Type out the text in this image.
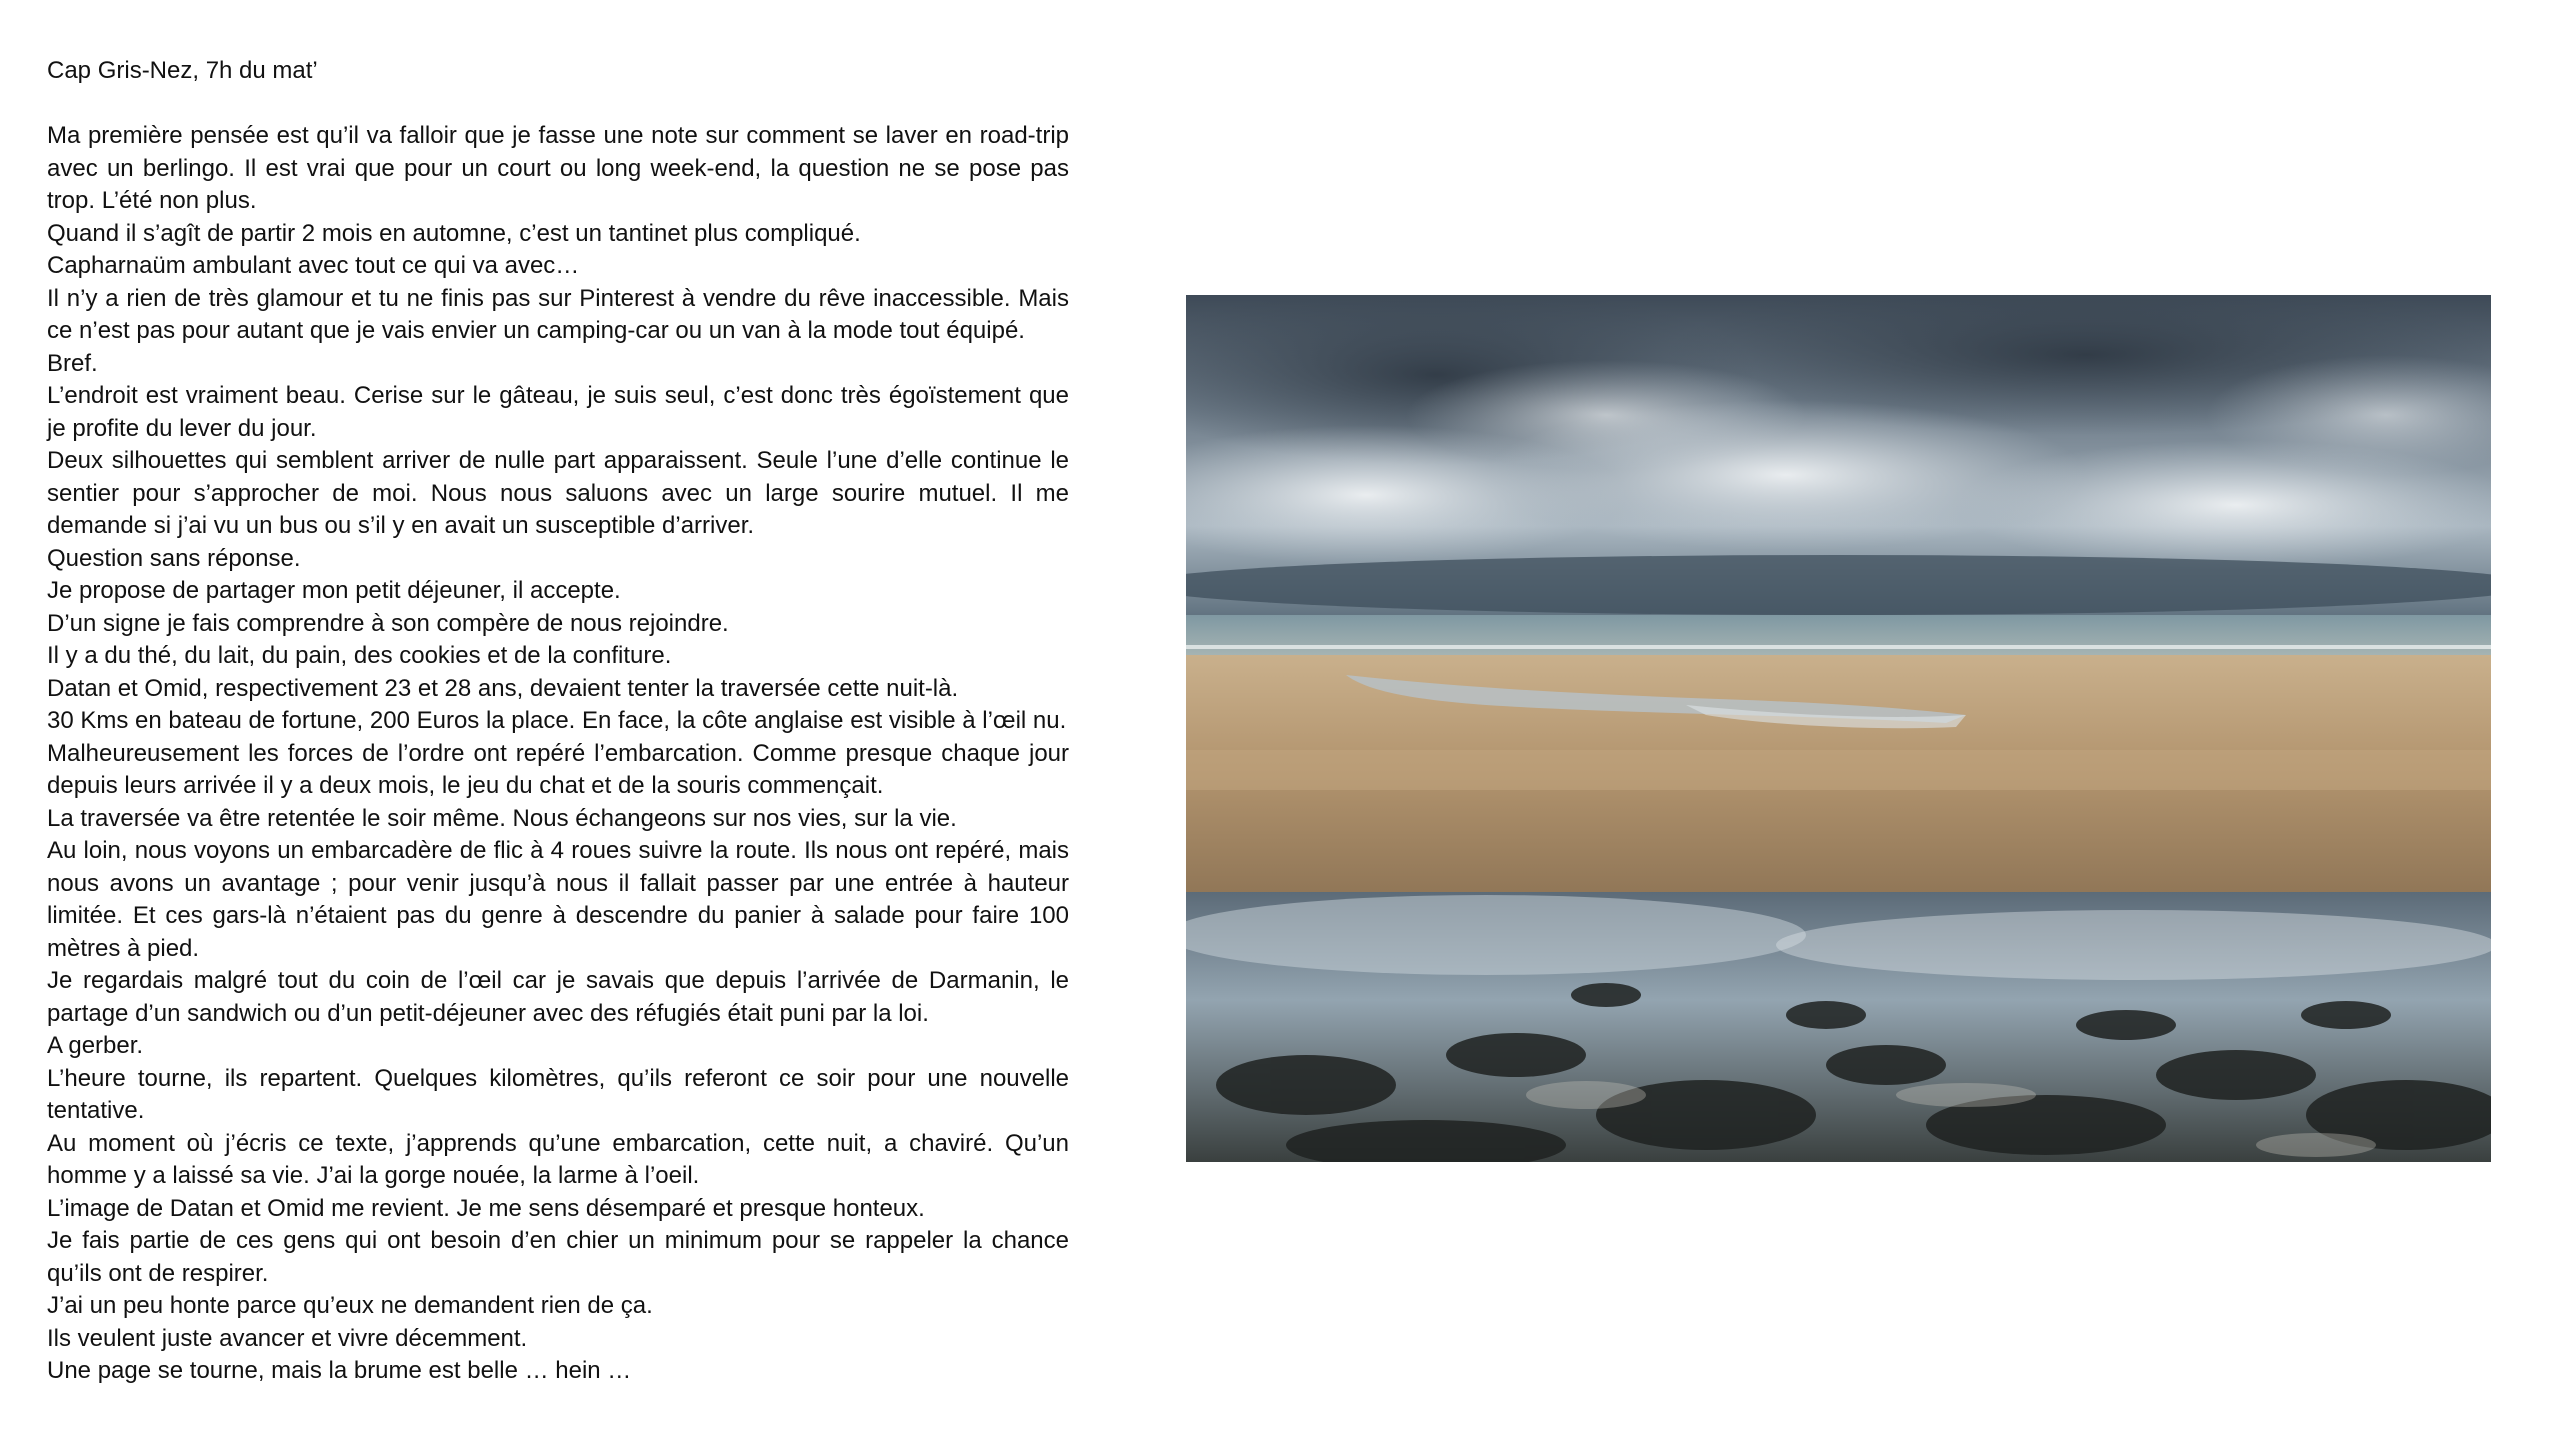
Cap Gris-Nez, 7h du mat’

Ma première pensée est qu’il va falloir que je fasse une note sur comment se laver en road-trip avec un berlingo. Il est vrai que pour un court ou long week-end, la question ne se pose pas trop. L’été non plus.

Quand il s’agît de partir 2 mois en automne, c’est un tantinet plus compliqué.

Capharnaüm ambulant avec tout ce qui va avec…

Il n’y a rien de très glamour et tu ne finis pas sur Pinterest à vendre du rêve inaccessible. Mais ce n’est pas pour autant que je vais envier un camping-car ou un van à la mode tout équipé.

Bref.

L’endroit est vraiment beau. Cerise sur le gâteau, je suis seul, c’est donc très égoïstement que je profite du lever du jour.

Deux silhouettes qui semblent arriver de nulle part apparaissent. Seule l’une d’elle continue le sentier pour s’approcher de moi. Nous nous saluons avec un large sourire mutuel. Il me demande si j’ai vu un bus ou s’il y en avait un susceptible d’arriver.

Question sans réponse.

Je propose de partager mon petit déjeuner, il accepte.

D’un signe je fais comprendre à son compère de nous rejoindre.

Il y a du thé, du lait, du pain, des cookies et de la confiture.

Datan et Omid, respectivement 23 et 28 ans, devaient tenter la traversée cette nuit-là.

30 Kms en bateau de fortune, 200 Euros la place. En face, la côte anglaise est visible à l’œil nu.

Malheureusement les forces de l’ordre ont repéré l’embarcation. Comme presque chaque jour depuis leurs arrivée il y a deux mois, le jeu du chat et de la souris commençait.

La traversée va être retentée le soir même. Nous échangeons sur nos vies, sur la vie.

Au loin, nous voyons un embarcadère de flic à 4 roues suivre la route. Ils nous ont repéré, mais nous avons un avantage ; pour venir jusqu’à nous il fallait passer par une entrée à hauteur limitée. Et ces gars-là n’étaient pas du genre à descendre du panier à salade pour faire 100 mètres à pied.

Je regardais malgré tout du coin de l’œil car je savais que depuis l’arrivée de Darmanin, le partage d’un sandwich ou d’un petit-déjeuner avec des réfugiés était puni par la loi.

A gerber.

L’heure tourne, ils repartent. Quelques kilomètres, qu’ils referont ce soir pour une nouvelle tentative.

Au moment où j’écris ce texte, j’apprends qu’une embarcation, cette nuit, a chaviré. Qu’un homme y a laissé sa vie. J’ai la gorge nouée, la larme à l’oeil.

L’image de Datan et Omid me revient. Je me sens désemparé et presque honteux.

Je fais partie de ces gens qui ont besoin d’en chier un minimum pour se rappeler la chance qu’ils ont de respirer.

J’ai un peu honte parce qu’eux ne demandent rien de ça.

Ils veulent juste avancer et vivre décemment.

Une page se tourne, mais la brume est belle … hein …
